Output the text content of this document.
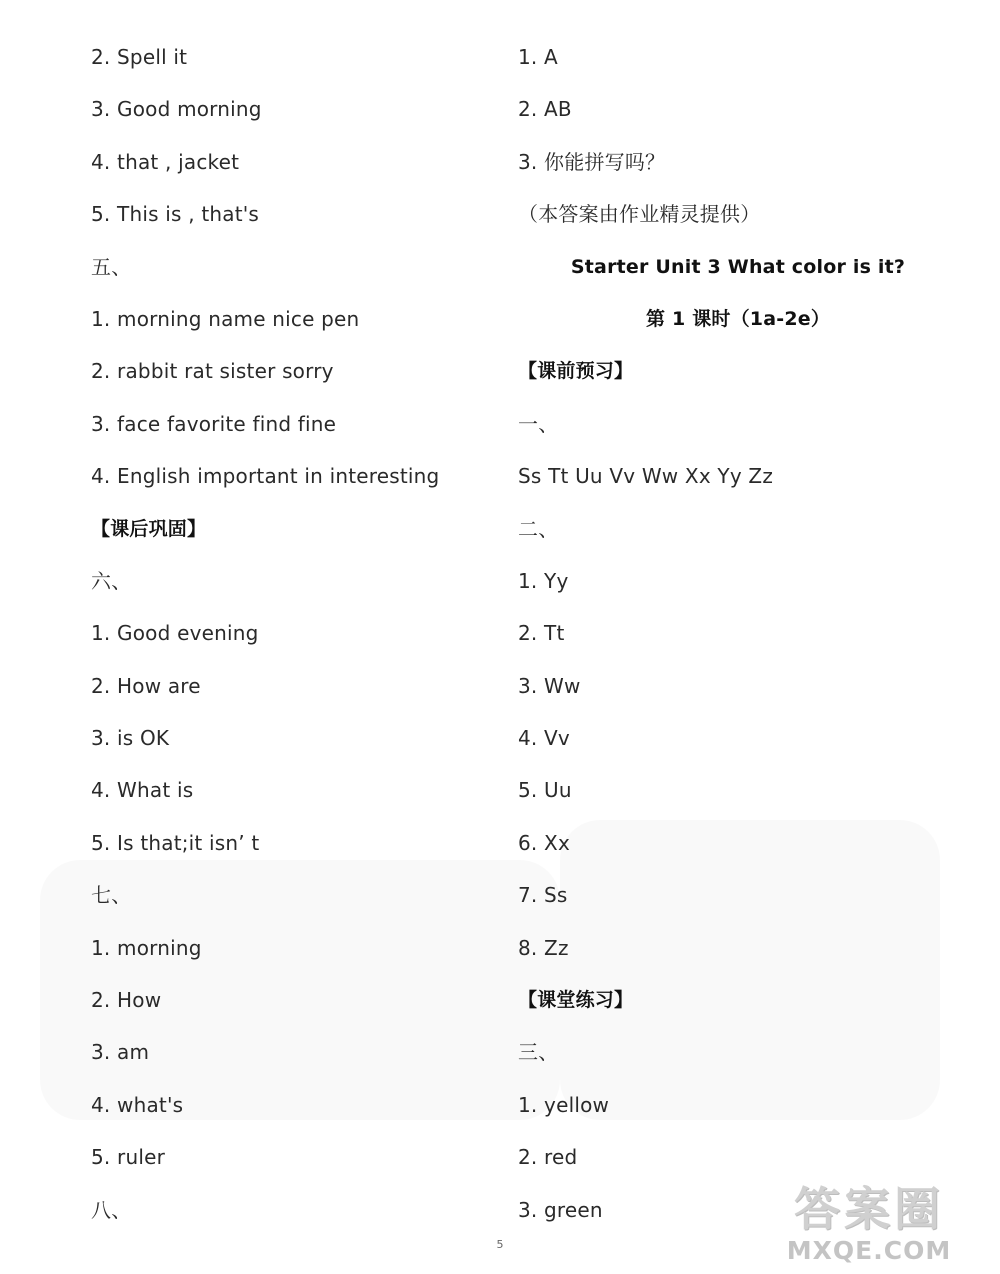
2. Spell it
3. Good morning
4. that , jacket
5. This is , that's
五、
1. morning name nice pen
2. rabbit rat sister sorry
3. face favorite find fine
4. English important in interesting
【课后巩固】
六、
1. Good evening
2. How are
3. is OK
4. What is
5. Is that;it isn’ t
七、
1. morning
2. How
3. am
4. what's
5. ruler
八、
1. A
2. AB
3. 你能拼写吗？
（本答案由作业精灵提供）
Starter Unit 3 What color is it?
第 1 课时（1a-2e）
【课前预习】
一、
Ss Tt Uu Vv Ww Xx Yy Zz
二、
1. Yy
2. Tt
3. Ww
4. Vv
5. Uu
6. Xx
7. Ss
8. Zz
【课堂练习】
三、
1. yellow
2. red
3. green
5
答案圈
MXQE.COM
